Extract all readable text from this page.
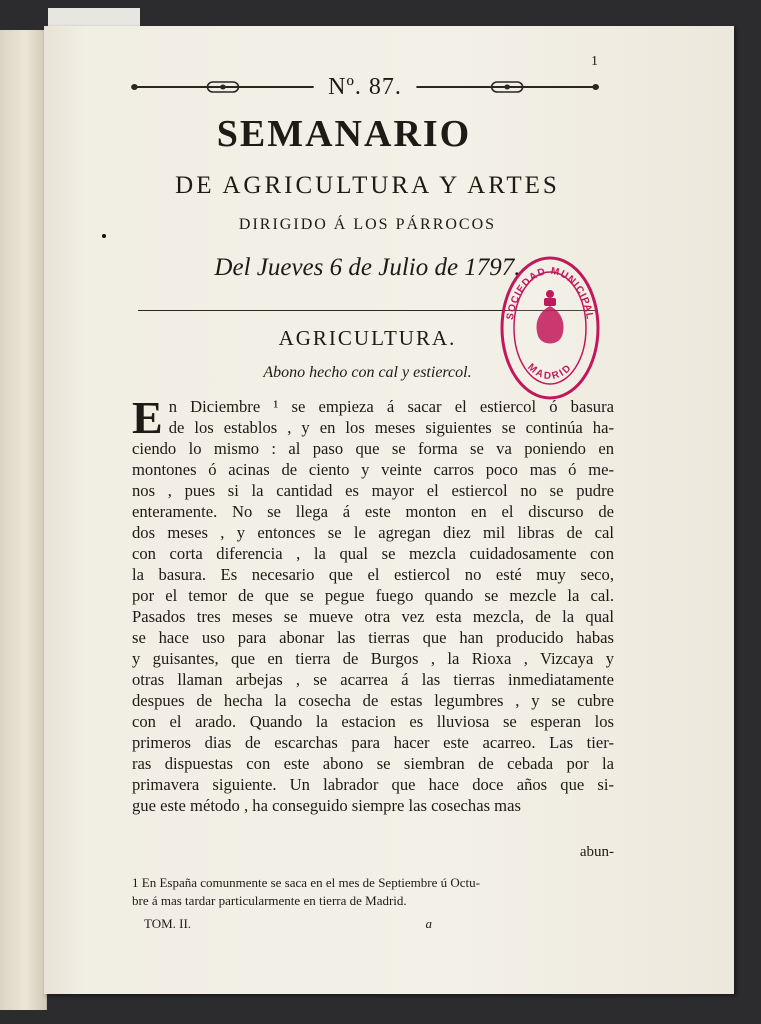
1
Nº. 87.
SEMANARIO
DE AGRICULTURA Y ARTES
DIRIGIDO Á LOS PÁRROCOS
Del Jueves 6 de Julio de 1797.
SOCIEDAD MUNICIPAL
MADRID
AGRICULTURA.
Abono hecho con cal y estiercol.
E n Diciembre ¹ se empieza á sacar el estiercol ó basura
de los establos , y en los meses siguientes se continúa ha-
ciendo lo mismo : al paso que se forma se va poniendo en
montones ó acinas de ciento y veinte carros poco mas ó me-
nos , pues si la cantidad es mayor el estiercol no se pudre
enteramente. No se llega á este monton en el discurso de
dos meses , y entonces se le agregan diez mil libras de cal
con corta diferencia , la qual se mezcla cuidadosamente con
la basura. Es necesario que el estiercol no esté muy seco,
por el temor de que se pegue fuego quando se mezcle la cal.
Pasados tres meses se mueve otra vez esta mezcla, de la qual
se hace uso para abonar las tierras que han producido habas
y guisantes, que en tierra de Burgos , la Rioxa , Vizcaya y
otras llaman arbejas , se acarrea á las tierras inmediatamente
despues de hecha la cosecha de estas legumbres , y se cubre
con el arado. Quando la estacion es lluviosa se esperan los
primeros dias de escarchas para hacer este acarreo. Las tier-
ras dispuestas con este abono se siembran de cebada por la
primavera siguiente. Un labrador que hace doce años que si-
gue este método , ha conseguido siempre las cosechas mas
abun-
1 En España comunmente se saca en el mes de Septiembre ú Octu-
bre á mas tardar particularmente en tierra de Madrid.
TOM. II.	a
